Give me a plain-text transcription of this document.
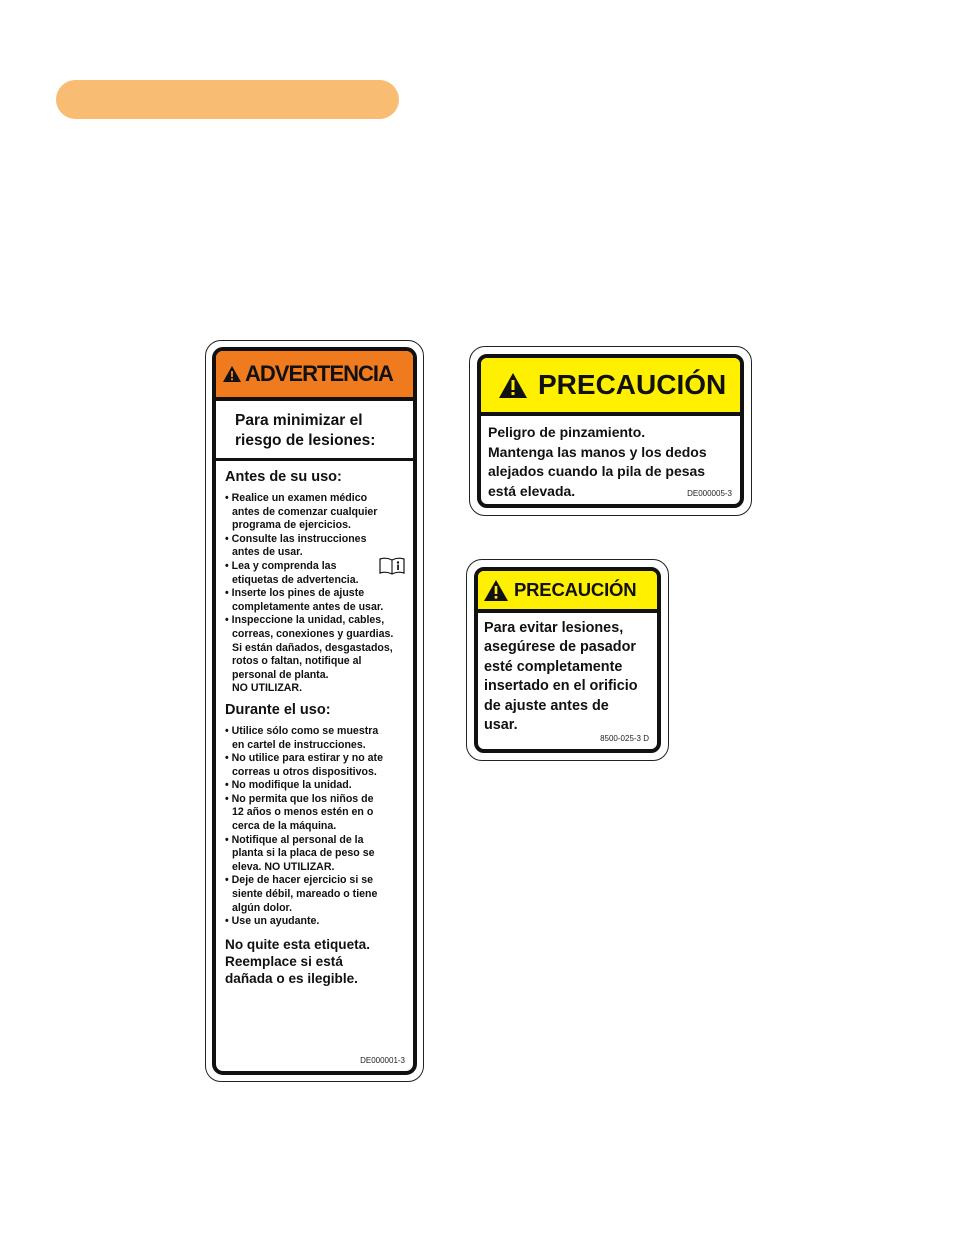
ADVERTENCIA
Para minimizar el
riesgo de lesiones:
Antes de su uso:
• Realice un examen médico
antes de comenzar cualquier
programa de ejercicios.
• Consulte las instrucciones
antes de usar.
• Lea y comprenda las
etiquetas de advertencia.
• Inserte los pines de ajuste
completamente antes de usar.
• Inspeccione la unidad, cables,
correas, conexiones y guardias.
Si están dañados, desgastados,
rotos o faltan, notifique al
personal de planta.
NO UTILIZAR.
Durante el uso:
• Utilice sólo como se muestra
en cartel de instrucciones.
• No utilice para estirar y no ate
correas u otros dispositivos.
• No modifique la unidad.
• No permita que los niños de
12 años o menos estén en o
cerca de la máquina.
• Notifique al personal de la
planta si la placa de peso se
eleva. NO UTILIZAR.
• Deje de hacer ejercicio si se
siente débil, mareado o tiene
algún dolor.
• Use un ayudante.
No quite esta etiqueta.
Reemplace si está
dañada o es ilegible.
DE000001-3
PRECAUCIÓN
Peligro de pinzamiento.
Mantenga las manos y los dedos
alejados cuando la pila de pesas
está elevada.	DE000005-3
PRECAUCIÓN
Para evitar lesiones,
asegúrese de pasador
esté completamente
insertado en el orificio
de ajuste antes de
usar.
8500-025-3 D
